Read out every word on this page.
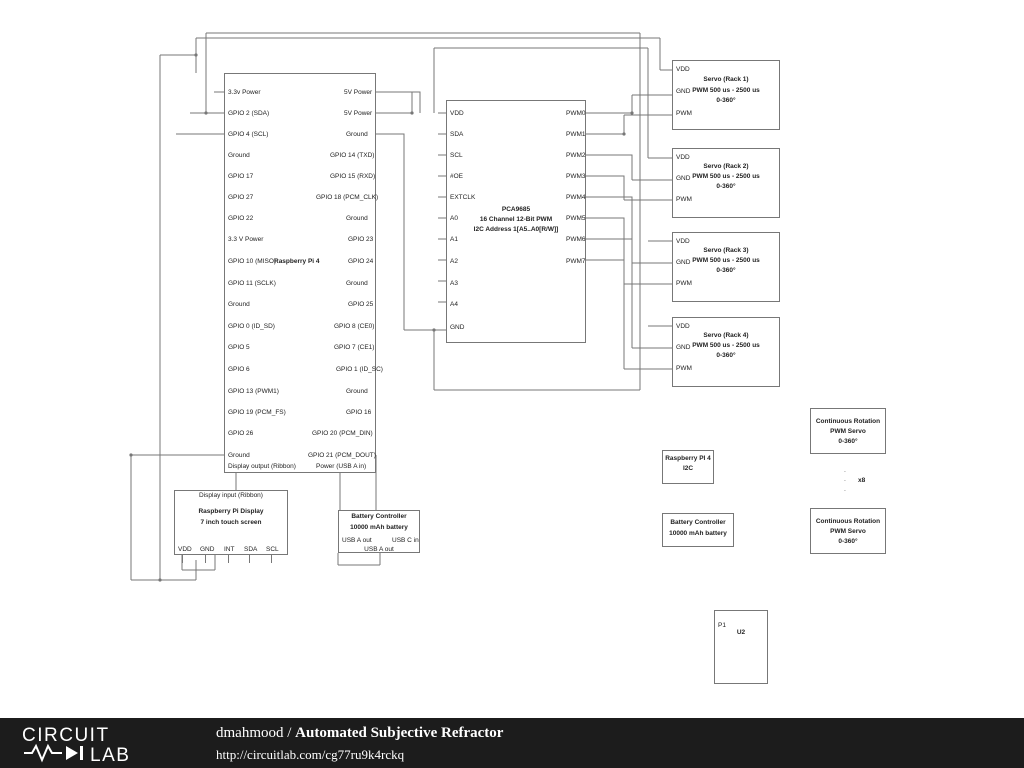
Raspberry Pi 4
3.3v Power
GPIO 2 (SDA)
GPIO 4 (SCL)
Ground
GPIO 17
GPIO 27
GPIO 22
3.3 V Power
GPIO 10 (MISO)
GPIO 11 (SCLK)
Ground
GPIO 0 (ID_SD)
GPIO 5
GPIO 6
GPIO 13 (PWM1)
GPIO 19 (PCM_FS)
GPIO 26
Ground
Display output (Ribbon)
5V Power
5V Power
Ground
GPIO 14 (TXD)
GPIO 15 (RXD)
GPIO 18 (PCM_CLK)
Ground
GPIO 23
GPIO 24
Ground
GPIO 25
GPIO 8 (CE0)
GPIO 7 (CE1)
GPIO 1 (ID_SC)
Ground
GPIO 16
GPIO 20 (PCM_DIN)
GPIO 21 (PCM_DOUT)
Power (USB A in)
PCA9685
16 Channel 12-Bit PWM
I2C Address 1[A5..A0[R/W]]
VDD
SDA
SCL
#OE
EXTCLK
A0
A1
A2
A3
A4
GND
PWM0
PWM1
PWM2
PWM3
PWM4
PWM5
PWM6
PWM7
Servo (Rack 1)
PWM 500 us - 2500 us
0-360°
VDD
GND
PWM
Servo (Rack 2)
PWM 500 us - 2500 us
0-360°
VDD
GND
PWM
Servo (Rack 3)
PWM 500 us - 2500 us
0-360°
VDD
GND
PWM
Servo (Rack 4)
PWM 500 us - 2500 us
0-360°
VDD
GND
PWM
Display input (Ribbon)
Raspberry Pi Display
7 inch touch screen
VDD GND INT SDA SCL
Battery Controller
10000 mAh battery
USB A out	USB C in
USB A out
Raspberry PI 4
I2C
Battery Controller
10000 mAh battery
Continuous Rotation
PWM Servo
0-360°
·
·
·
x8
Continuous Rotation
PWM Servo
0-360°
P1
U2
CIRCUIT
LAB
dmahmood / Automated Subjective Refractor
http://circuitlab.com/cg77ru9k4rckq
